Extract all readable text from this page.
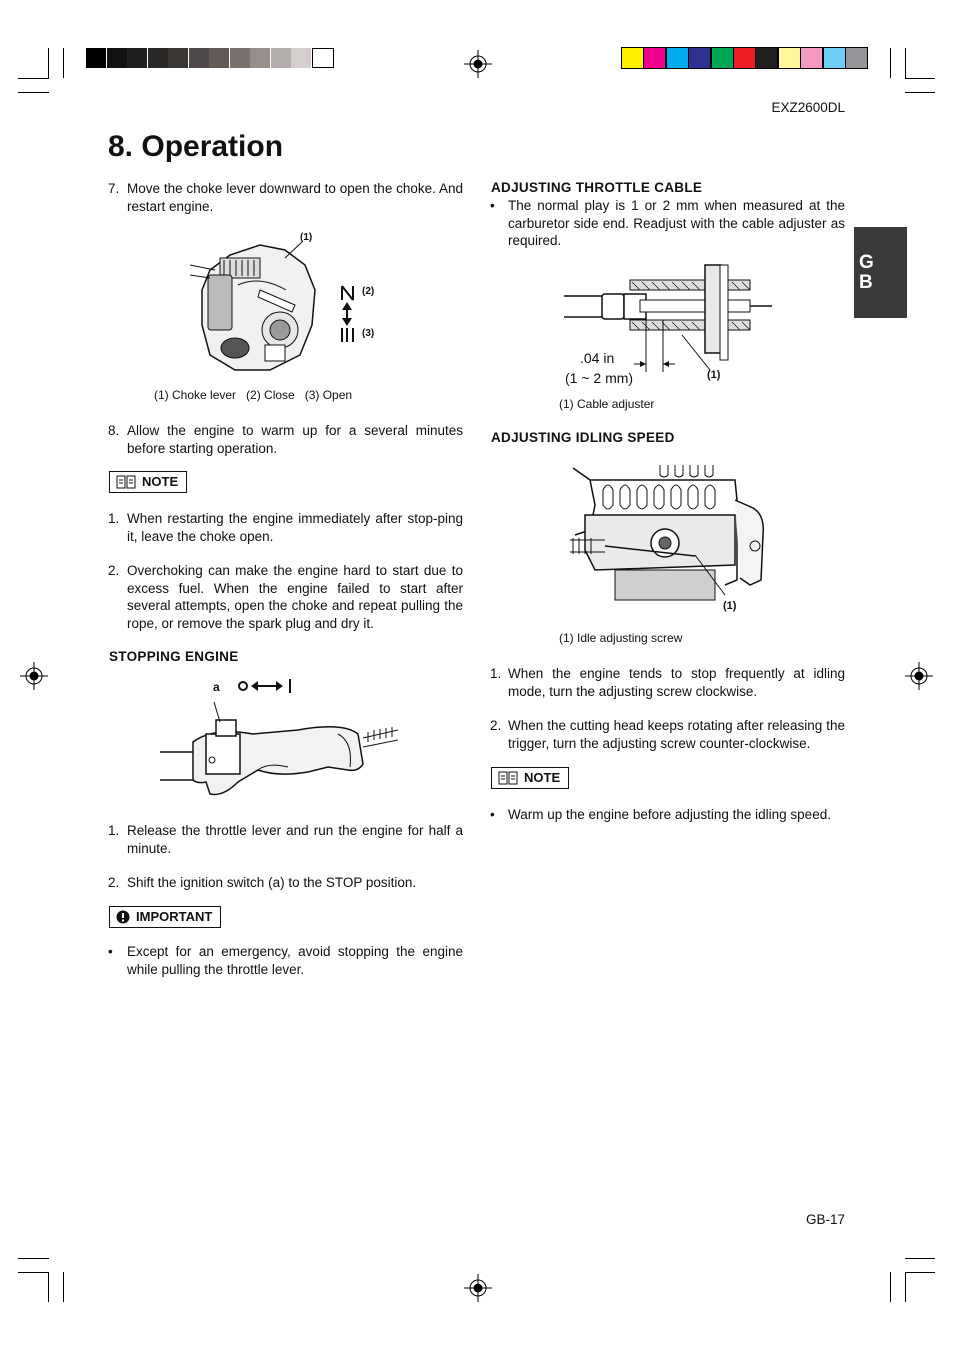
EXZ2600DL
8. Operation
G
B
7. Move the choke lever downward to open the choke. And restart engine.
(1)
(2)
(3)
(1) Choke lever   (2) Close   (3) Open
8. Allow the engine to warm up for a several minutes before starting operation.
NOTE
1. When restarting the engine immediately after stop-ping it, leave the choke open.
2. Overchoking can make the engine hard to start due to excess fuel. When the engine failed to start after several attempts, open the choke and repeat pulling the rope, or remove the spark plug and dry it.
STOPPING ENGINE
a
1. Release the throttle lever and run the engine for half a minute.
2. Shift the ignition switch (a) to the STOP position.
IMPORTANT
• Except for an emergency, avoid stopping the engine while pulling the throttle lever.
ADJUSTING THROTTLE CABLE
• The normal play is 1 or 2 mm when measured at the carburetor side end. Readjust with the cable adjuster as required.
.04 in
(1 ~ 2 mm)	(1)
(1) Cable adjuster
ADJUSTING IDLING SPEED
(1)
(1) Idle adjusting screw
1. When the engine tends to stop frequently at idling mode, turn the adjusting screw clockwise.
2. When the cutting head keeps rotating after releasing the trigger, turn the adjusting screw counter-clockwise.
NOTE
• Warm up the engine before adjusting the idling speed.
GB-17
